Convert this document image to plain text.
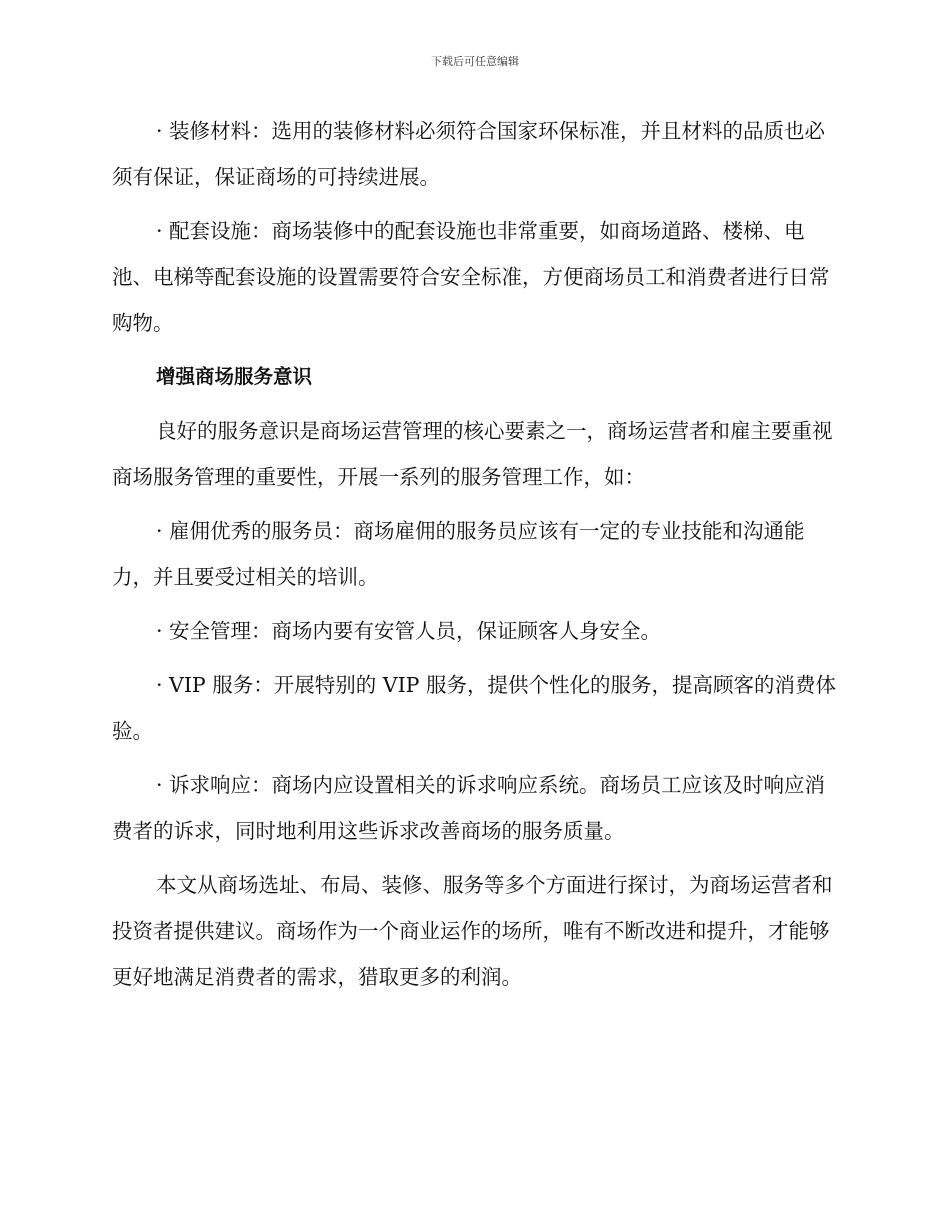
下载后可任意编辑

· 装修材料：选用的装修材料必须符合国家环保标准，并且材料的品质也必须有保证，保证商场的可持续进展。

· 配套设施：商场装修中的配套设施也非常重要，如商场道路、楼梯、电池、电梯等配套设施的设置需要符合安全标准，方便商场员工和消费者进行日常购物。

增强商场服务意识

良好的服务意识是商场运营管理的核心要素之一，商场运营者和雇主要重视商场服务管理的重要性，开展一系列的服务管理工作，如：

· 雇佣优秀的服务员：商场雇佣的服务员应该有一定的专业技能和沟通能力，并且要受过相关的培训。

· 安全管理：商场内要有安管人员，保证顾客人身安全。

· VIP 服务：开展特别的 VIP 服务，提供个性化的服务，提高顾客的消费体验。

· 诉求响应：商场内应设置相关的诉求响应系统。商场员工应该及时响应消费者的诉求，同时地利用这些诉求改善商场的服务质量。

本文从商场选址、布局、装修、服务等多个方面进行探讨，为商场运营者和投资者提供建议。商场作为一个商业运作的场所，唯有不断改进和提升，才能够更好地满足消费者的需求，猎取更多的利润。
